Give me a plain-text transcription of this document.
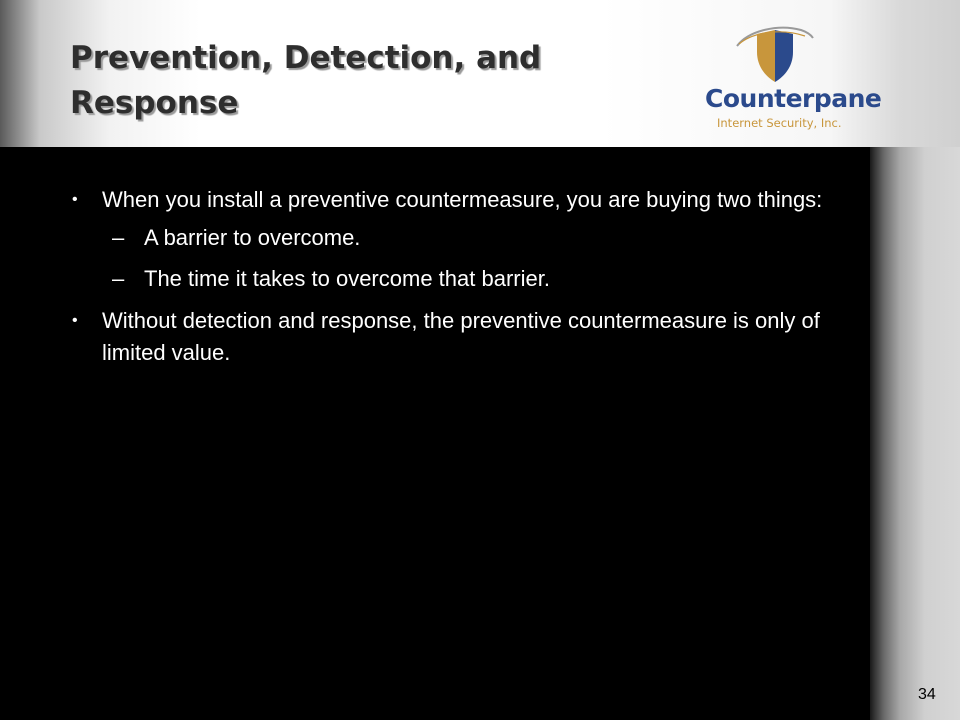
Prevention, Detection, and Response	Counterpane
Internet Security, Inc.

• When you install a preventive countermeasure, you are buying two things:

– A barrier to overcome.

– The time it takes to overcome that barrier.

• Without detection and response, the preventive countermeasure is only of limited value.

34
